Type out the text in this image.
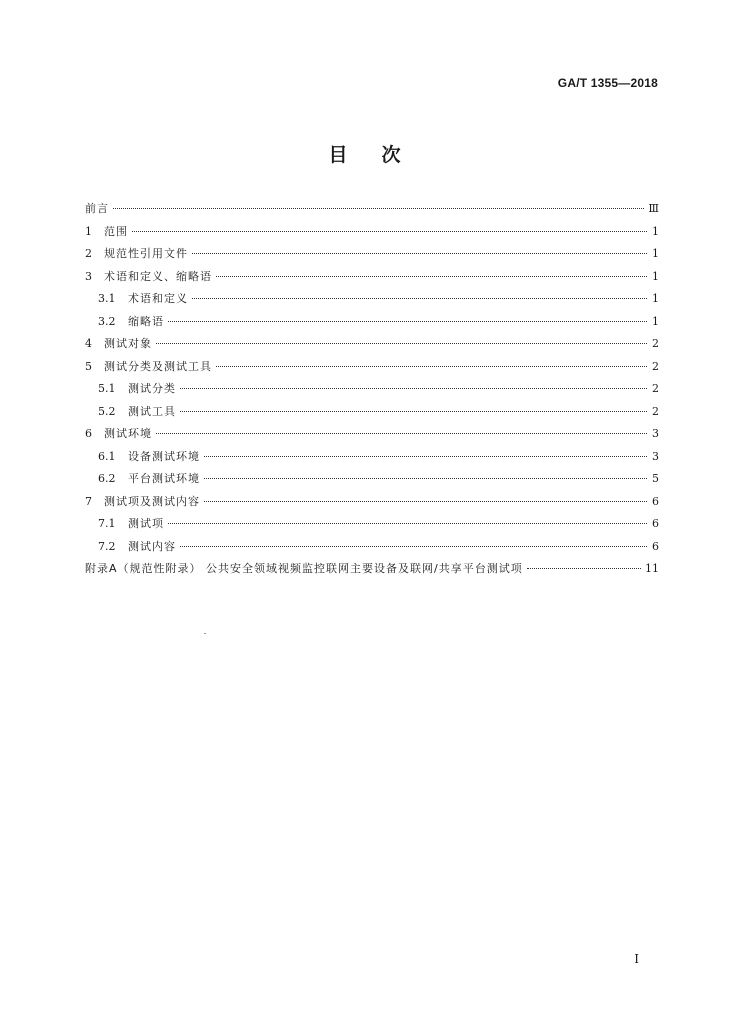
GA/T 1355—2018
目次
前言	Ⅲ
1	范围	1
2	规范性引用文件	1
3	术语和定义、缩略语	1
3.1	术语和定义	1
3.2	缩略语	1
4	测试对象	2
5	测试分类及测试工具	2
5.1	测试分类	2
5.2	测试工具	2
6	测试环境	3
6.1	设备测试环境	3
6.2	平台测试环境	5
7	测试项及测试内容	6
7.1	测试项	6
7.2	测试内容	6
附录A（规范性附录） 公共安全领域视频监控联网主要设备及联网/共享平台测试项	11
Ⅰ
